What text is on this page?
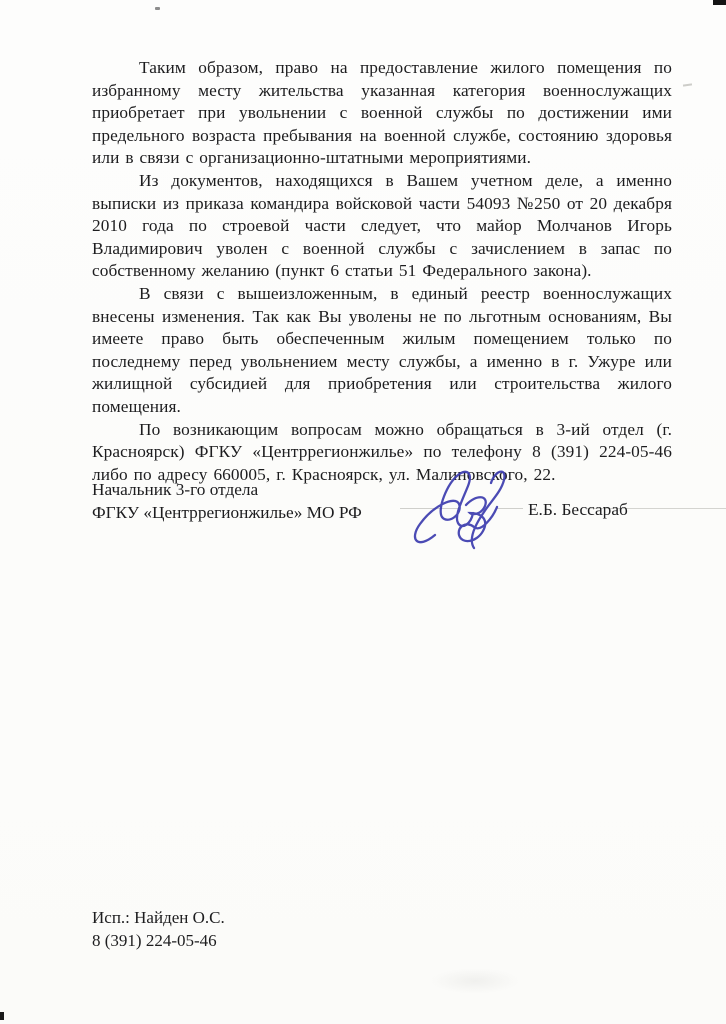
Таким образом, право на предоставление жилого помещения по избранному месту жительства указанная категория военнослужащих приобретает при увольнении с военной службы по достижении ими предельного возраста пребывания на военной службе, состоянию здоровья или в связи с организационно-штатными мероприятиями.

Из документов, находящихся в Вашем учетном деле, а именно выписки из приказа командира войсковой части 54093 №250 от 20 декабря 2010 года по строевой части следует, что майор Молчанов Игорь Владимирович уволен с военной службы с зачислением в запас по собственному желанию (пункт 6 статьи 51 Федерального закона).

В связи с вышеизложенным, в единый реестр военнослужащих внесены изменения. Так как Вы уволены не по льготным основаниям, Вы имеете право быть обеспеченным жилым помещением только по последнему перед увольнением месту службы, а именно в г. Ужуре или жилищной субсидией для приобретения или строительства жилого помещения.

По возникающим вопросам можно обращаться в 3-ий отдел (г. Красноярск) ФГКУ «Центррегионжилье» по телефону 8 (391) 224-05-46 либо по адресу 660005, г. Красноярск, ул. Малиновского, 22.

Начальник 3-го отдела
ФГКУ «Центррегионжилье» МО РФ	Е.Б. Бессараб
Исп.: Найден О.С.
8 (391) 224-05-46
